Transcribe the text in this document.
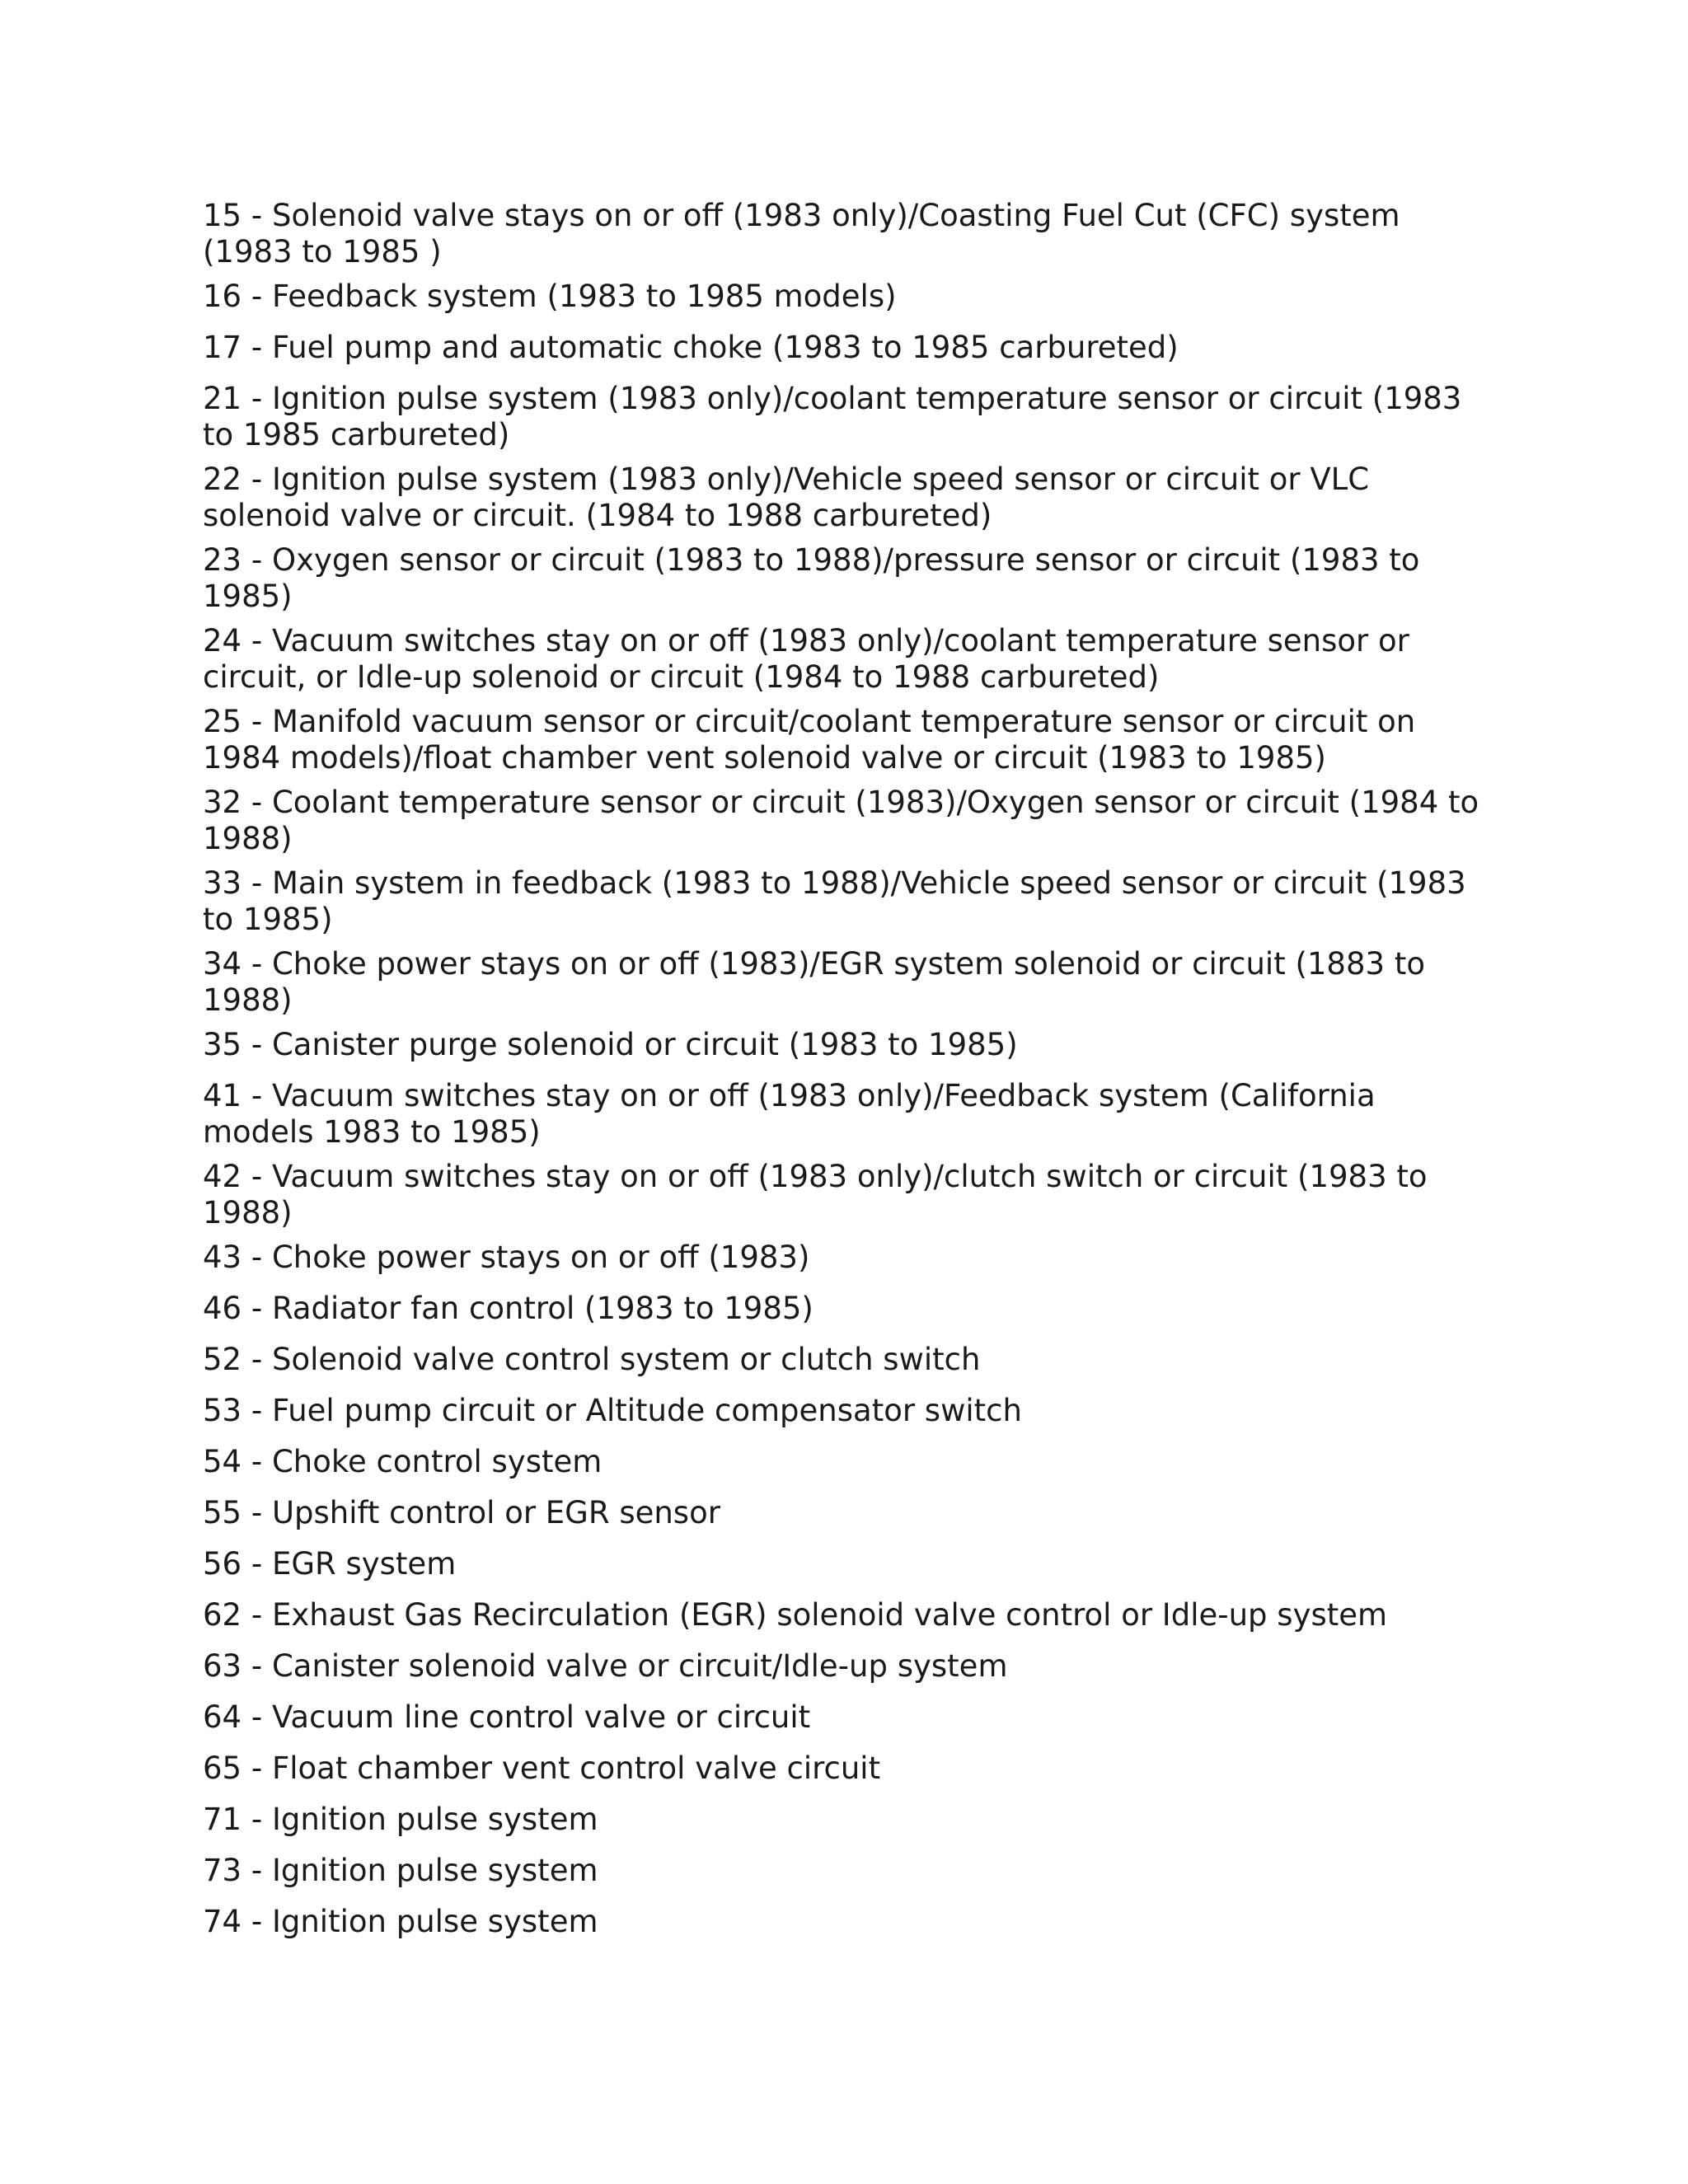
15 - Solenoid valve stays on or off (1983 only)/Coasting Fuel Cut (CFC) system (1983 to 1985 )
16 - Feedback system (1983 to 1985 models)
17 - Fuel pump and automatic choke (1983 to 1985 carbureted)
21 - Ignition pulse system (1983 only)/coolant temperature sensor or circuit (1983 to 1985 carbureted)
22 - Ignition pulse system (1983 only)/Vehicle speed sensor or circuit or VLC solenoid valve or circuit. (1984 to 1988 carbureted)
23 - Oxygen sensor or circuit (1983 to 1988)/pressure sensor or circuit (1983 to 1985)
24 - Vacuum switches stay on or off (1983 only)/coolant temperature sensor or circuit, or Idle-up solenoid or circuit (1984 to 1988 carbureted)
25 - Manifold vacuum sensor or circuit/coolant temperature sensor or circuit on 1984 models)/float chamber vent solenoid valve or circuit (1983 to 1985)
32 - Coolant temperature sensor or circuit (1983)/Oxygen sensor or circuit (1984 to 1988)
33 - Main system in feedback (1983 to 1988)/Vehicle speed sensor or circuit (1983 to 1985)
34 - Choke power stays on or off (1983)/EGR system solenoid or circuit (1883 to 1988)
35 - Canister purge solenoid or circuit (1983 to 1985)
41 - Vacuum switches stay on or off (1983 only)/Feedback system (California models 1983 to 1985)
42 - Vacuum switches stay on or off (1983 only)/clutch switch or circuit (1983 to 1988)
43 - Choke power stays on or off (1983)
46 - Radiator fan control (1983 to 1985)
52 - Solenoid valve control system or clutch switch
53 - Fuel pump circuit or Altitude compensator switch
54 - Choke control system
55 - Upshift control or EGR sensor
56 - EGR system
62 - Exhaust Gas Recirculation (EGR) solenoid valve control or Idle-up system
63 - Canister solenoid valve or circuit/Idle-up system
64 - Vacuum line control valve or circuit
65 - Float chamber vent control valve circuit
71 - Ignition pulse system
73 - Ignition pulse system
74 - Ignition pulse system
